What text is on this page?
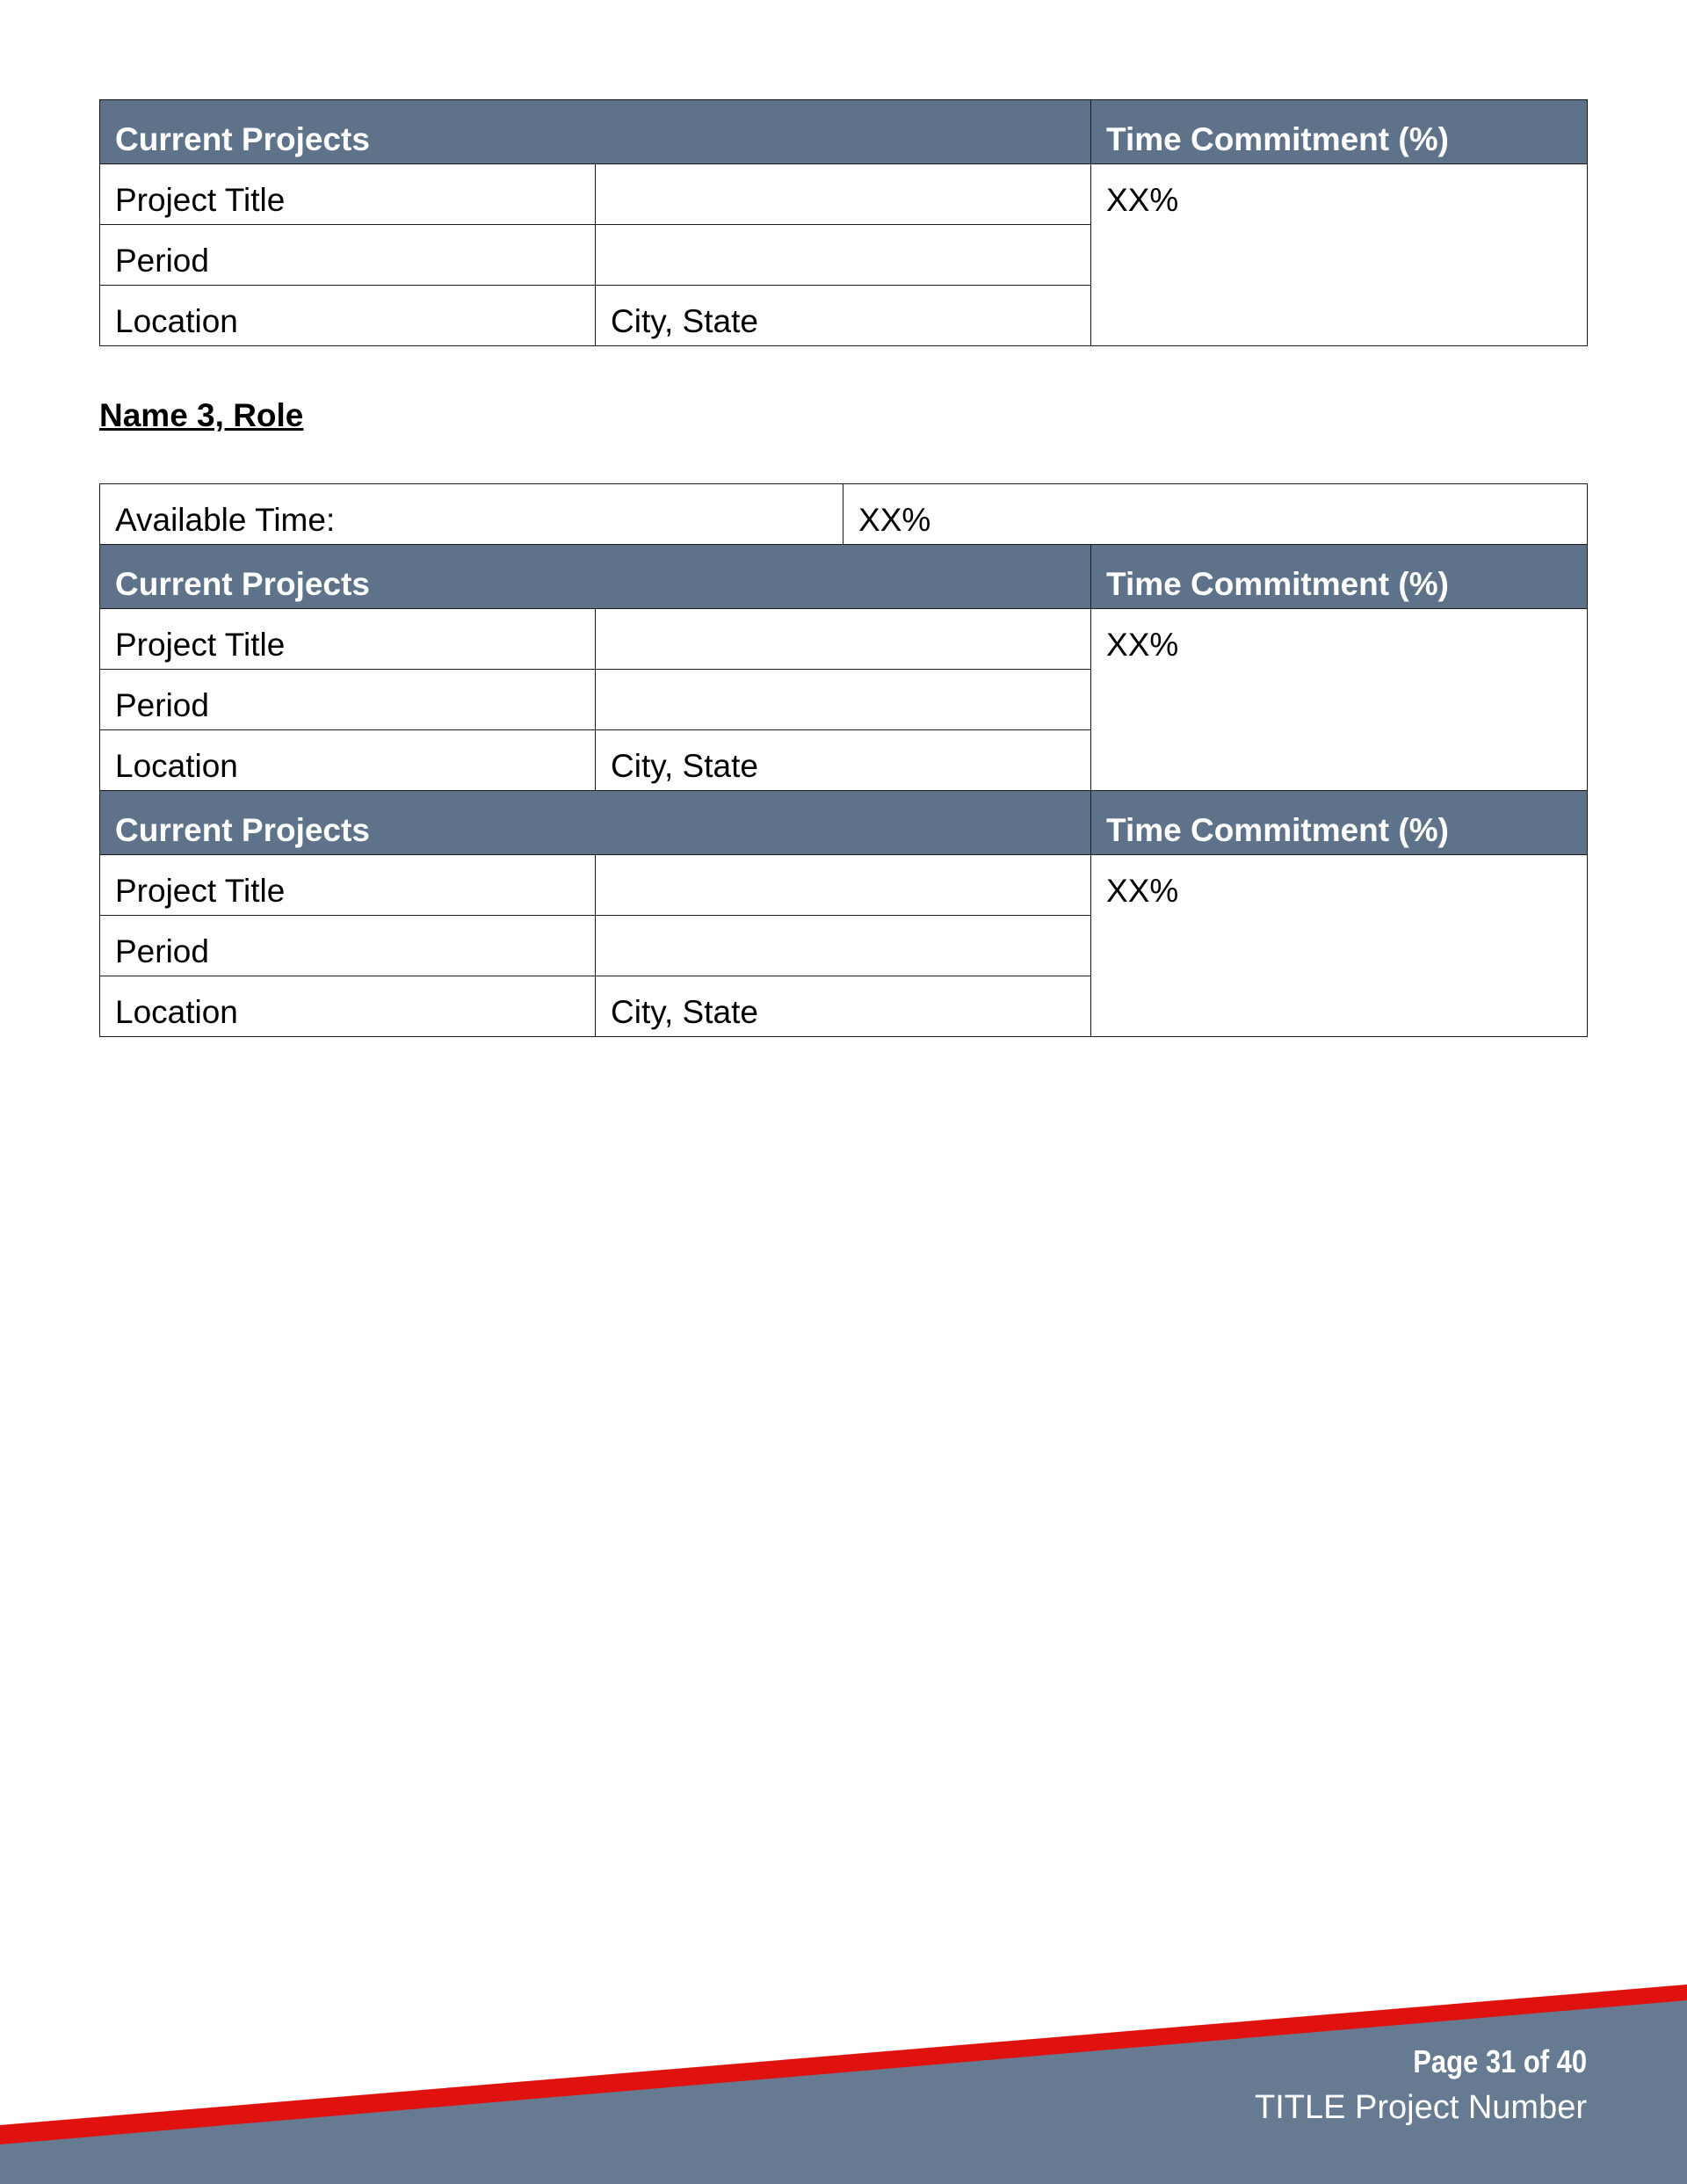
Current Projects		Time Commitment (%)
Project Title		XX%
Period		
Location	City, State	
Name 3, Role
Available Time:		XX%	
Current Projects			Time Commitment (%)
Project Title			XX%
Period			
Location	City, State		
Current Projects			Time Commitment (%)
Project Title			XX%
Period			
Location	City, State		
Page 31 of 40
TITLE Project Number
